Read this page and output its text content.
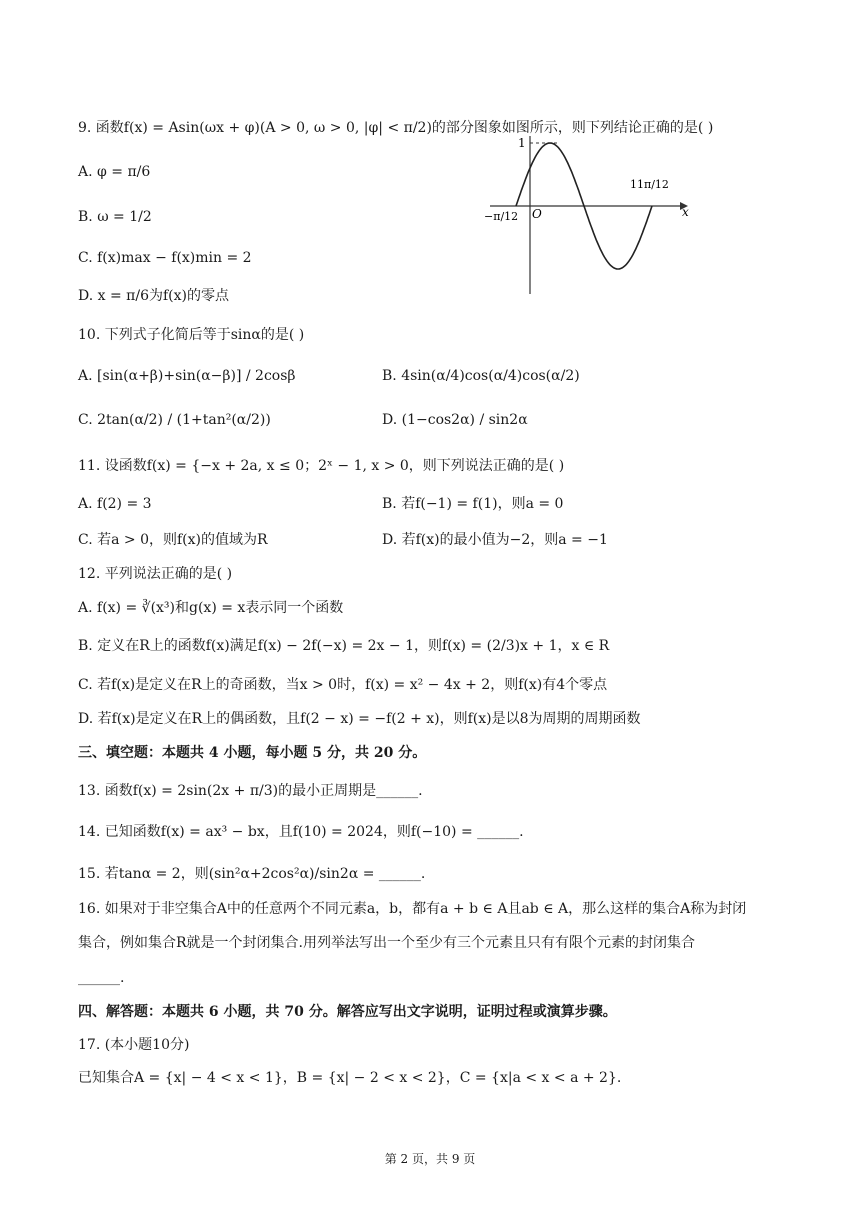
9. 函数f(x) = Asin(ωx + φ)(A > 0, ω > 0, |φ| < π/2)的部分图象如图所示，则下列结论正确的是( )
A. φ = π/6
B. ω = 1/2
C. f(x)max − f(x)min = 2
D. x = π/6为f(x)的零点
1
O	x
−π/12
11π/12
10. 下列式子化简后等于sinα的是( )
A. [sin(α+β)+sin(α−β)] / 2cosβ	B. 4sin(α/4)cos(α/4)cos(α/2)
C. 2tan(α/2) / (1+tan²(α/2))	D. (1−cos2α) / sin2α
11. 设函数f(x) = {−x + 2a, x ≤ 0；2ˣ − 1, x > 0，则下列说法正确的是( )
A. f(2) = 3	B. 若f(−1) = f(1)，则a = 0
C. 若a > 0，则f(x)的值域为R	D. 若f(x)的最小值为−2，则a = −1
12. 平列说法正确的是( )
A. f(x) = ∛(x³)和g(x) = x表示同一个函数
B. 定义在R上的函数f(x)满足f(x) − 2f(−x) = 2x − 1，则f(x) = (2/3)x + 1，x ∈ R
C. 若f(x)是定义在R上的奇函数，当x > 0时，f(x) = x² − 4x + 2，则f(x)有4个零点
D. 若f(x)是定义在R上的偶函数，且f(2 − x) = −f(2 + x)，则f(x)是以8为周期的周期函数
三、填空题：本题共 4 小题，每小题 5 分，共 20 分。
13. 函数f(x) = 2sin(2x + π/3)的最小正周期是______.
14. 已知函数f(x) = ax³ − bx，且f(10) = 2024，则f(−10) = ______.
15. 若tanα = 2，则(sin²α+2cos²α)/sin2α = ______.
16. 如果对于非空集合A中的任意两个不同元素a，b，都有a + b ∈ A且ab ∈ A，那么这样的集合A称为封闭
集合，例如集合R就是一个封闭集合.用列举法写出一个至少有三个元素且只有有限个元素的封闭集合
______.
四、解答题：本题共 6 小题，共 70 分。解答应写出文字说明，证明过程或演算步骤。
17. (本小题10分)
已知集合A = {x| − 4 < x < 1}，B = {x| − 2 < x < 2}，C = {x|a < x < a + 2}.
第 2 页，共 9 页
